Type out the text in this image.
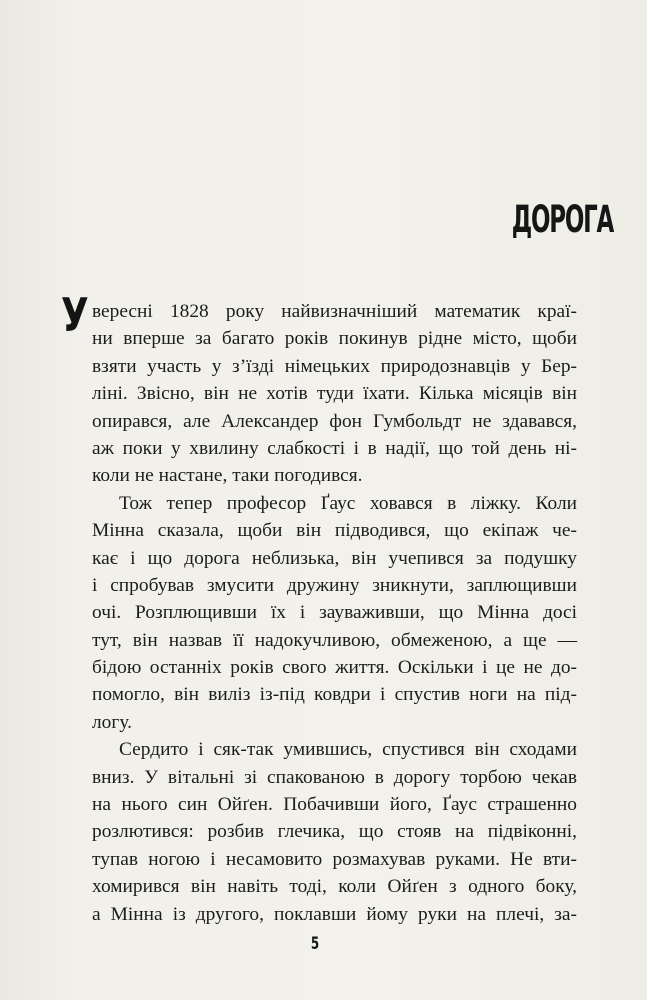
ДОРОГА
У вересні 1828 року найвизначніший математик краї-
ни вперше за багато років покинув рідне місто, щоби
взяти участь у з’їзді німецьких природознавців у Бер-
ліні. Звісно, він не хотів туди їхати. Кілька місяців він
опирався, але Александер фон Гумбольдт не здавався,
аж поки у хвилину слабкості і в надії, що той день ні-
коли не настане, таки погодився.
Тож тепер професор Ґаус ховався в ліжку. Коли
Мінна сказала, щоби він підводився, що екіпаж че-
кає і що дорога неблизька, він учепився за подушку
і спробував змусити дружину зникнути, заплющивши
очі. Розплющивши їх і зауваживши, що Мінна досі
тут, він назвав її надокучливою, обмеженою, а ще —
бідою останніх років свого життя. Оскільки і це не до-
помогло, він виліз із-під ковдри і спустив ноги на під-
логу.
Сердито і сяк-так умившись, спустився він сходами
вниз. У вітальні зі спакованою в дорогу торбою чекав
на нього син Ойґен. Побачивши його, Ґаус страшенно
розлютився: розбив глечика, що стояв на підвіконні,
тупав ногою і несамовито розмахував руками. Не вти-
хомирився він навіть тоді, коли Ойґен з одного боку,
а Мінна із другого, поклавши йому руки на плечі, за-
5
